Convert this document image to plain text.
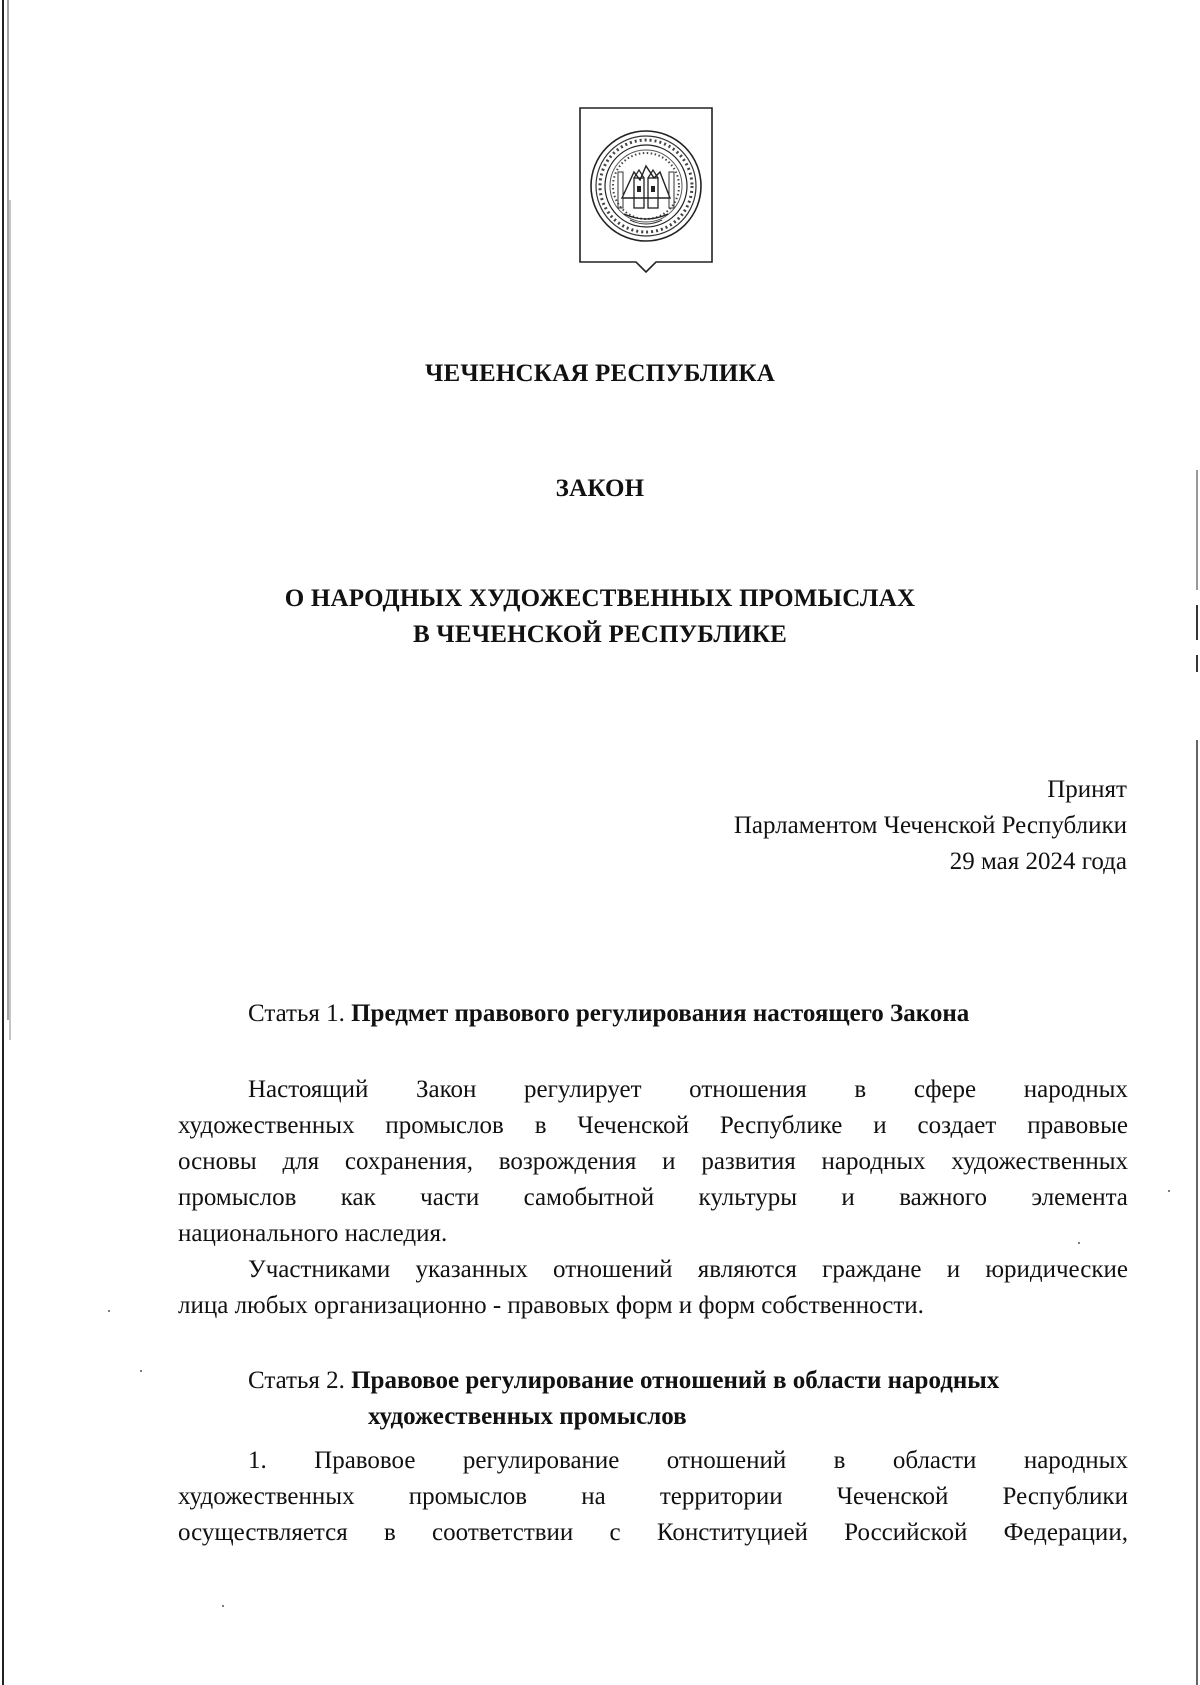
ЧЕЧЕНСКАЯ РЕСПУБЛИКА
ЗАКОН
О НАРОДНЫХ ХУДОЖЕСТВЕННЫХ ПРОМЫСЛАХ
В ЧЕЧЕНСКОЙ РЕСПУБЛИКЕ
Принят
Парламентом Чеченской Республики
29 мая 2024 года
Статья 1. Предмет правового регулирования настоящего Закона
Настоящий Закон регулирует отношения в сфере народных
художественных промыслов в Чеченской Республике и создает правовые
основы для сохранения, возрождения и развития народных художественных
промыслов как части самобытной культуры и важного элемента
национального наследия.
Участниками указанных отношений являются граждане и юридические
лица любых организационно - правовых форм и форм собственности.
Статья 2. Правовое регулирование отношений в области народных
художественных промыслов
1. Правовое регулирование отношений в области народных
художественных промыслов на территории Чеченской Республики
осуществляется в соответствии с Конституцией Российской Федерации,
